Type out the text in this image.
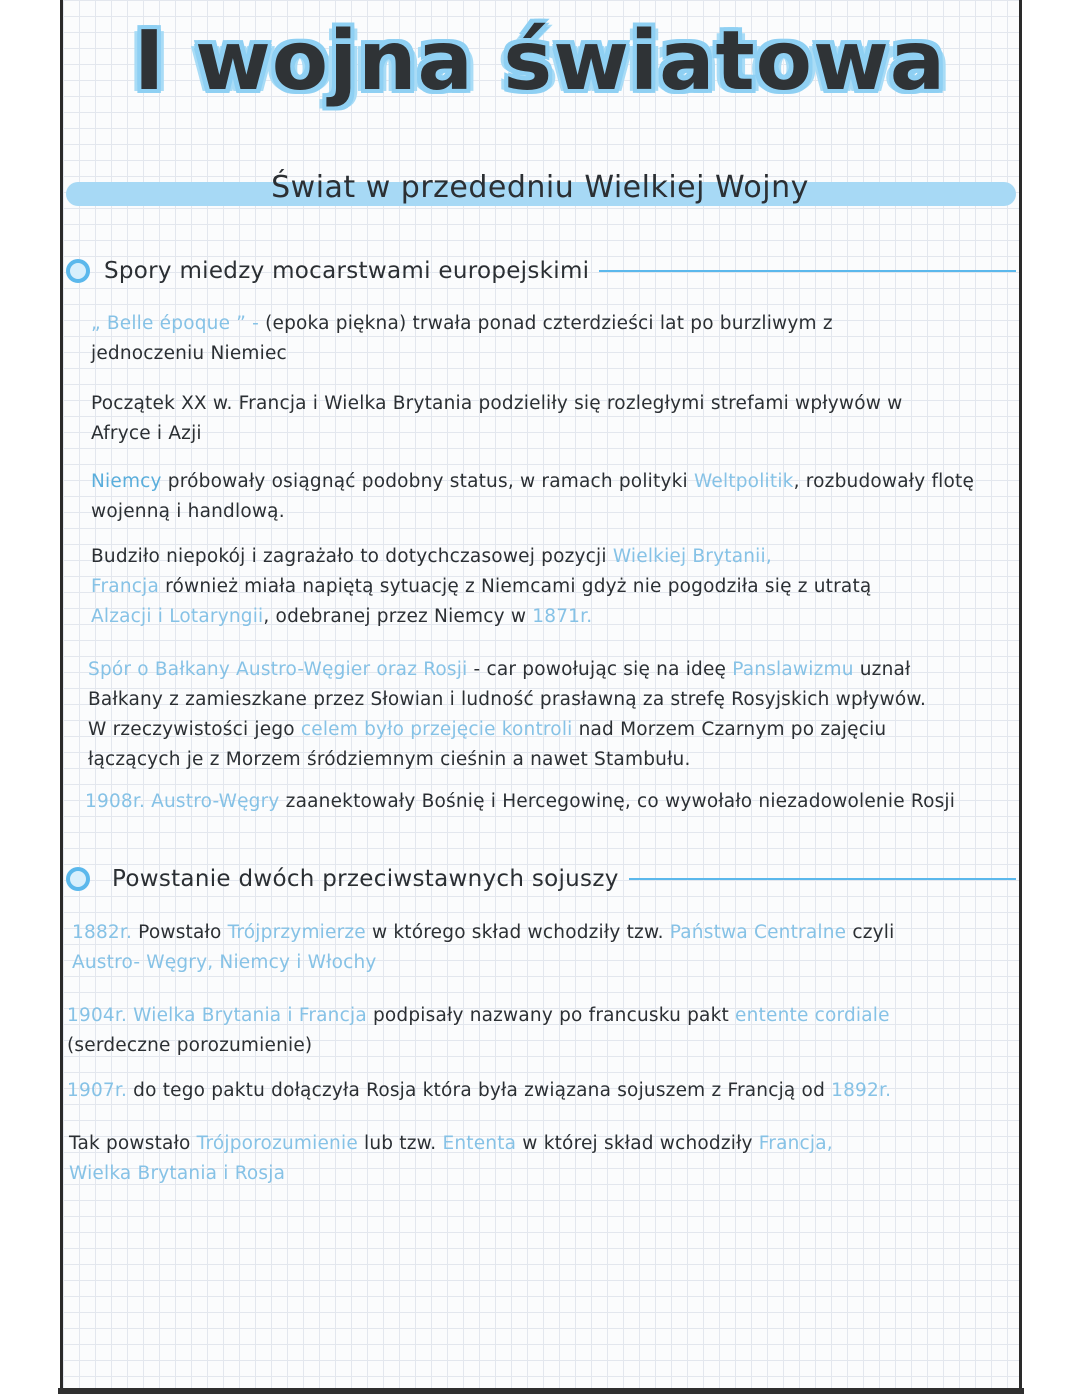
I wojna światowa
Świat w przededniu Wielkiej Wojny
Spory miedzy mocarstwami europejskimi

„ Belle époque ” - (epoka piękna) trwała ponad czterdzieści lat po burzliwym z
jednoczeniu Niemiec

Początek XX w. Francja i Wielka Brytania podzieliły się rozległymi strefami wpływów w
Afryce i Azji

Niemcy próbowały osiągnąć podobny status, w ramach polityki Weltpolitik, rozbudowały flotę
wojenną i handlową.

Budziło niepokój i zagrażało to dotychczasowej pozycji Wielkiej Brytanii,
Francja również miała napiętą sytuację z Niemcami gdyż nie pogodziła się z utratą
Alzacji i Lotaryngii, odebranej przez Niemcy w 1871r.

Spór o Bałkany Austro-Węgier oraz Rosji - car powołując się na ideę Panslawizmu uznał
Bałkany z zamieszkane przez Słowian i ludność prasławną za strefę Rosyjskich wpływów.
W rzeczywistości jego celem było przejęcie kontroli nad Morzem Czarnym po zajęciu
łączących je z Morzem śródziemnym cieśnin a nawet Stambułu.

1908r. Austro-Węgry zaanektowały Bośnię i Hercegowinę, co wywołało niezadowolenie Rosji

Powstanie dwóch przeciwstawnych sojuszy

1882r. Powstało Trójprzymierze w którego skład wchodziły tzw. Państwa Centralne czyli
Austro- Węgry, Niemcy i Włochy

1904r. Wielka Brytania i Francja podpisały nazwany po francusku pakt entente cordiale
(serdeczne porozumienie)

1907r. do tego paktu dołączyła Rosja która była związana sojuszem z Francją od 1892r.

Tak powstało Trójporozumienie lub tzw. Ententa w której skład wchodziły Francja,
Wielka Brytania i Rosja
